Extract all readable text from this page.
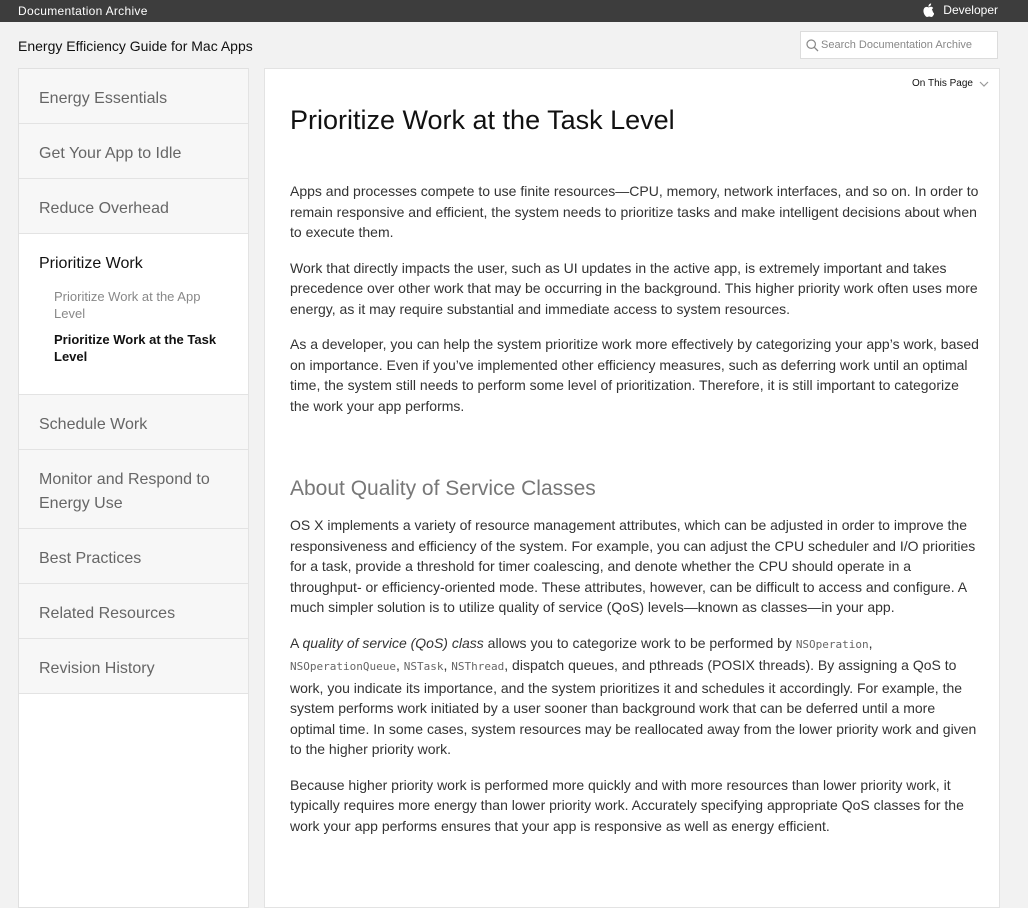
Documentation Archive	Developer
Energy Efficiency Guide for Mac Apps
Search Documentation Archive
Energy Essentials
Get Your App to Idle
Reduce Overhead
Prioritize Work
Prioritize Work at the App Level
Prioritize Work at the Task Level
Schedule Work
Monitor and Respond to Energy Use
Best Practices
Related Resources
Revision History
On This Page
Prioritize Work at the Task Level

Apps and processes compete to use finite resources—CPU, memory, network interfaces, and so on. In order to remain responsive and efficient, the system needs to prioritize tasks and make intelligent decisions about when to execute them.

Work that directly impacts the user, such as UI updates in the active app, is extremely important and takes precedence over other work that may be occurring in the background. This higher priority work often uses more energy, as it may require substantial and immediate access to system resources.

As a developer, you can help the system prioritize work more effectively by categorizing your app’s work, based on importance. Even if you’ve implemented other efficiency measures, such as deferring work until an optimal time, the system still needs to perform some level of prioritization. Therefore, it is still important to categorize the work your app performs.

About Quality of Service Classes

OS X implements a variety of resource management attributes, which can be adjusted in order to improve the responsiveness and efficiency of the system. For example, you can adjust the CPU scheduler and I/O priorities for a task, provide a threshold for timer coalescing, and denote whether the CPU should operate in a throughput- or efficiency-oriented mode. These attributes, however, can be difficult to access and configure. A much simpler solution is to utilize quality of service (QoS) levels—known as classes—in your app.

A quality of service (QoS) class allows you to categorize work to be performed by NSOperation, NSOperationQueue, NSTask, NSThread, dispatch queues, and pthreads (POSIX threads). By assigning a QoS to work, you indicate its importance, and the system prioritizes it and schedules it accordingly. For example, the system performs work initiated by a user sooner than background work that can be deferred until a more optimal time. In some cases, system resources may be reallocated away from the lower priority work and given to the higher priority work.

Because higher priority work is performed more quickly and with more resources than lower priority work, it typically requires more energy than lower priority work. Accurately specifying appropriate QoS classes for the work your app performs ensures that your app is responsive as well as energy efficient.
